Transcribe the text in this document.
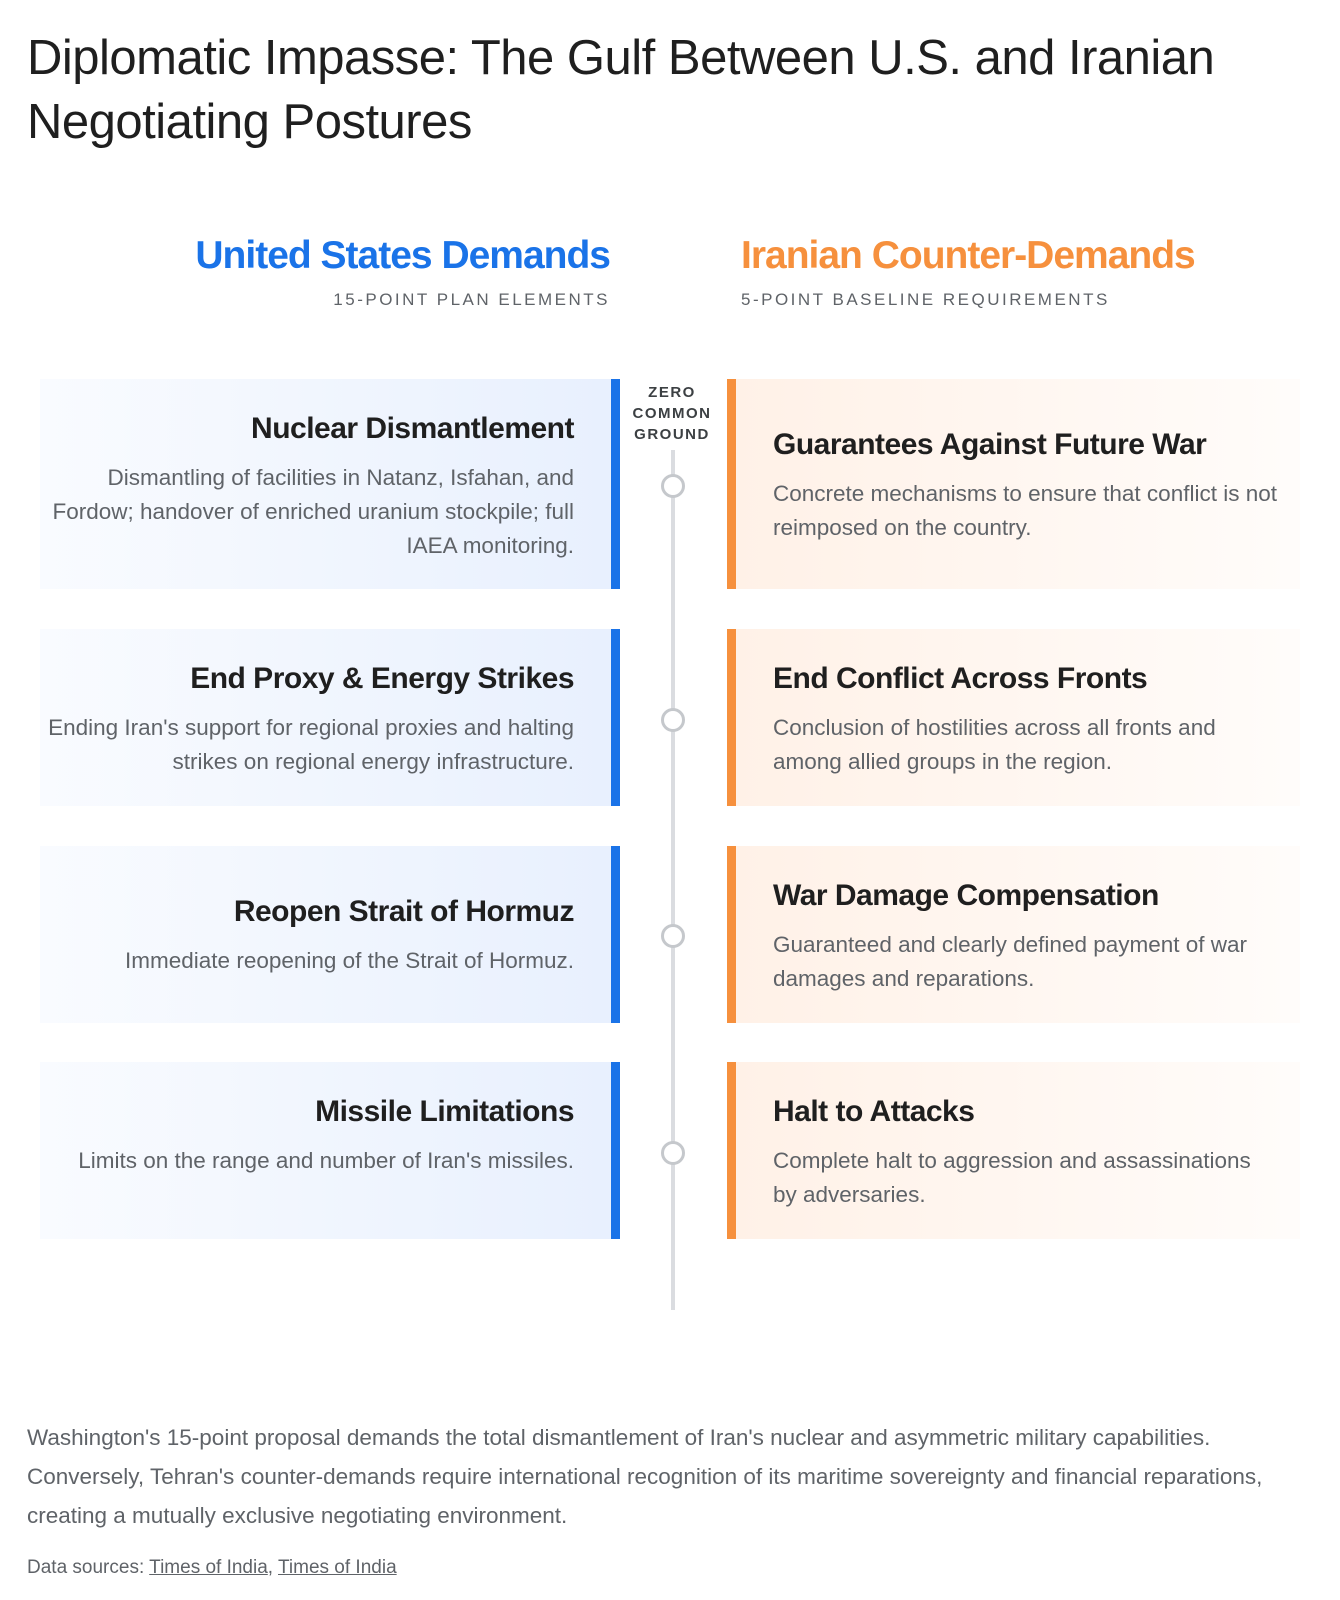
Diplomatic Impasse: The Gulf Between U.S. and Iranian Negotiating Postures
United States Demands
15-POINT PLAN ELEMENTS
Iranian Counter-Demands
5-POINT BASELINE REQUIREMENTS
ZERO
COMMON
GROUND
Nuclear Dismantlement

Dismantling of facilities in Natanz, Isfahan, and Fordow; handover of enriched uranium stockpile; full IAEA monitoring.

End Proxy & Energy Strikes

Ending Iran's support for regional proxies and halting strikes on regional energy infrastructure.

Reopen Strait of Hormuz

Immediate reopening of the Strait of Hormuz.

Missile Limitations

Limits on the range and number of Iran's missiles.

Guarantees Against Future War

Concrete mechanisms to ensure that conflict is not reimposed on the country.

End Conflict Across Fronts

Conclusion of hostilities across all fronts and among allied groups in the region.

War Damage Compensation

Guaranteed and clearly defined payment of war damages and reparations.

Halt to Attacks

Complete halt to aggression and assassinations by adversaries.

Washington's 15-point proposal demands the total dismantlement of Iran's nuclear and asymmetric military capabilities. Conversely, Tehran's counter-demands require international recognition of its maritime sovereignty and financial reparations, creating a mutually exclusive negotiating environment.

Data sources: Times of India, Times of India
